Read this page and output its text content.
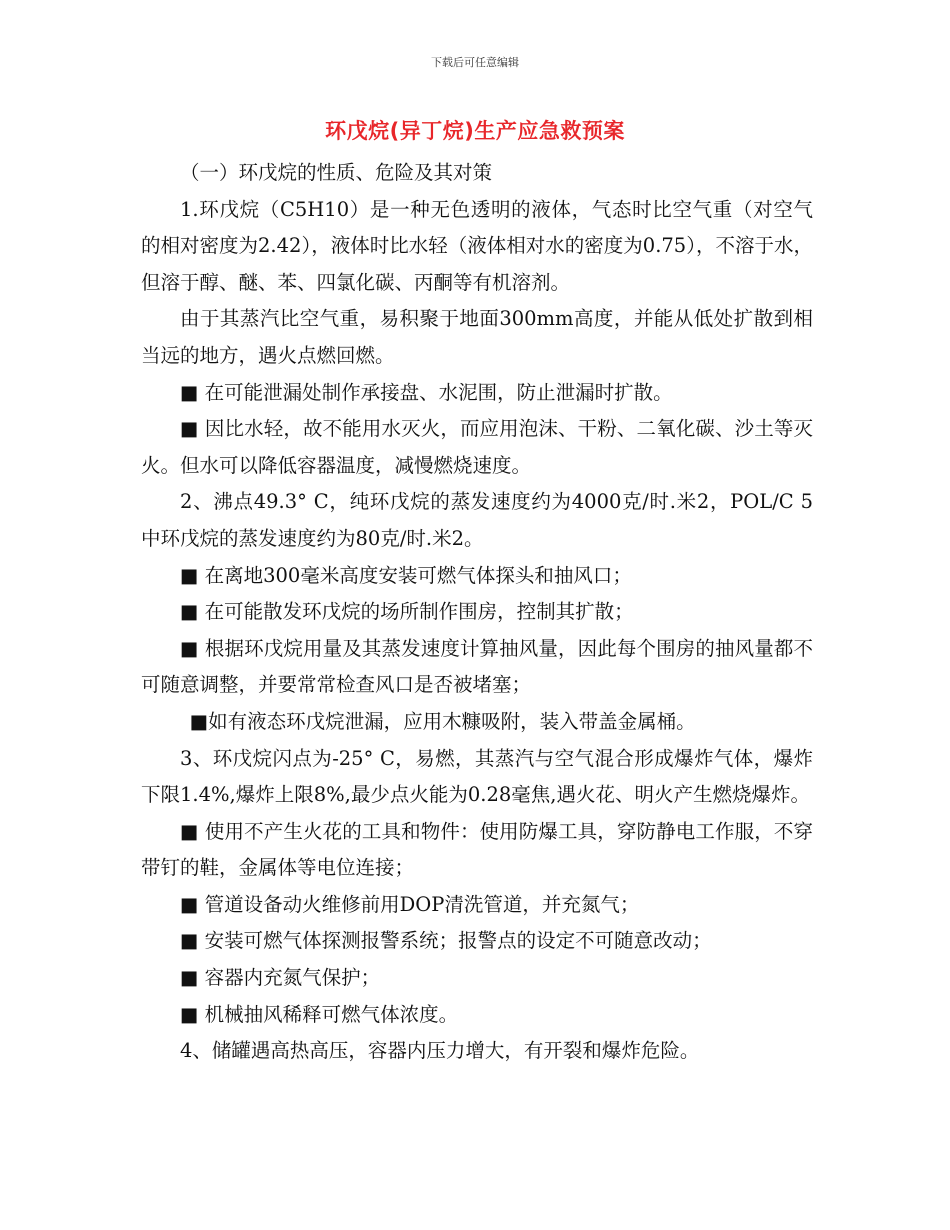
下载后可任意编辑
环戊烷(异丁烷)生产应急救预案

（一）环戊烷的性质、危险及其对策

1.环戊烷（C5H10）是一种无色透明的液体，气态时比空气重（对空气的相对密度为2.42），液体时比水轻（液体相对水的密度为0.75），不溶于水，但溶于醇、醚、苯、四氯化碳、丙酮等有机溶剂。

由于其蒸汽比空气重，易积聚于地面300mm高度，并能从低处扩散到相当远的地方，遇火点燃回燃。

■ 在可能泄漏处制作承接盘、水泥围，防止泄漏时扩散。

■ 因比水轻，故不能用水灭火，而应用泡沫、干粉、二氧化碳、沙土等灭火。但水可以降低容器温度，减慢燃烧速度。

2、沸点49.3° C，纯环戊烷的蒸发速度约为4000克/时.米2，POL/C 5中环戊烷的蒸发速度约为80克/时.米2。

■ 在离地300毫米高度安装可燃气体探头和抽风口；

■ 在可能散发环戊烷的场所制作围房，控制其扩散；

■ 根据环戊烷用量及其蒸发速度计算抽风量，因此每个围房的抽风量都不可随意调整，并要常常检查风口是否被堵塞；

■如有液态环戊烷泄漏，应用木糠吸附，装入带盖金属桶。

3、环戊烷闪点为-25° C，易燃，其蒸汽与空气混合形成爆炸气体，爆炸下限1.4%,爆炸上限8%,最少点火能为0.28毫焦,遇火花、明火产生燃烧爆炸。

■ 使用不产生火花的工具和物件：使用防爆工具，穿防静电工作服，不穿带钉的鞋，金属体等电位连接；

■ 管道设备动火维修前用DOP清洗管道，并充氮气；

■ 安装可燃气体探测报警系统；报警点的设定不可随意改动；

■ 容器内充氮气保护；

■ 机械抽风稀释可燃气体浓度。

4、储罐遇高热高压，容器内压力增大，有开裂和爆炸危险。
